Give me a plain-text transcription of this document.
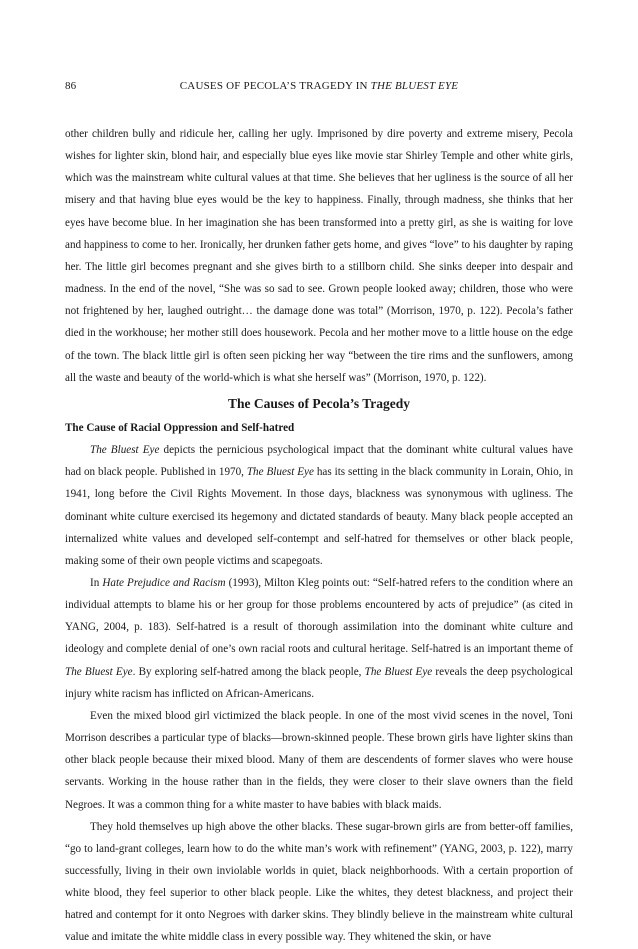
86	CAUSES OF PECOLA’S TRAGEDY IN THE BLUEST EYE

other children bully and ridicule her, calling her ugly. Imprisoned by dire poverty and extreme misery, Pecola wishes for lighter skin, blond hair, and especially blue eyes like movie star Shirley Temple and other white girls, which was the mainstream white cultural values at that time. She believes that her ugliness is the source of all her misery and that having blue eyes would be the key to happiness. Finally, through madness, she thinks that her eyes have become blue. In her imagination she has been transformed into a pretty girl, as she is waiting for love and happiness to come to her. Ironically, her drunken father gets home, and gives “love” to his daughter by raping her. The little girl becomes pregnant and she gives birth to a stillborn child. She sinks deeper into despair and madness. In the end of the novel, “She was so sad to see. Grown people looked away; children, those who were not frightened by her, laughed outright… the damage done was total” (Morrison, 1970, p. 122). Pecola’s father died in the workhouse; her mother still does housework. Pecola and her mother move to a little house on the edge of the town. The black little girl is often seen picking her way “between the tire rims and the sunflowers, among all the waste and beauty of the world-which is what she herself was” (Morrison, 1970, p. 122).

The Causes of Pecola’s Tragedy
The Cause of Racial Oppression and Self-hatred

The Bluest Eye depicts the pernicious psychological impact that the dominant white cultural values have had on black people. Published in 1970, The Bluest Eye has its setting in the black community in Lorain, Ohio, in 1941, long before the Civil Rights Movement. In those days, blackness was synonymous with ugliness. The dominant white culture exercised its hegemony and dictated standards of beauty. Many black people accepted an internalized white values and developed self-contempt and self-hatred for themselves or other black people, making some of their own people victims and scapegoats.

In Hate Prejudice and Racism (1993), Milton Kleg points out: “Self-hatred refers to the condition where an individual attempts to blame his or her group for those problems encountered by acts of prejudice” (as cited in YANG, 2004, p. 183). Self-hatred is a result of thorough assimilation into the dominant white culture and ideology and complete denial of one’s own racial roots and cultural heritage. Self-hatred is an important theme of The Bluest Eye. By exploring self-hatred among the black people, The Bluest Eye reveals the deep psychological injury white racism has inflicted on African-Americans.

Even the mixed blood girl victimized the black people. In one of the most vivid scenes in the novel, Toni Morrison describes a particular type of blacks—brown-skinned people. These brown girls have lighter skins than other black people because their mixed blood. Many of them are descendents of former slaves who were house servants. Working in the house rather than in the fields, they were closer to their slave owners than the field Negroes. It was a common thing for a white master to have babies with black maids.

They hold themselves up high above the other blacks. These sugar-brown girls are from better-off families, “go to land-grant colleges, learn how to do the white man’s work with refinement” (YANG, 2003, p. 122), marry successfully, living in their own inviolable worlds in quiet, black neighborhoods. With a certain proportion of white blood, they feel superior to other black people. Like the whites, they detest blackness, and project their hatred and contempt for it onto Negroes with darker skins. They blindly believe in the mainstream white cultural value and imitate the white middle class in every possible way. They whitened the skin, or have
